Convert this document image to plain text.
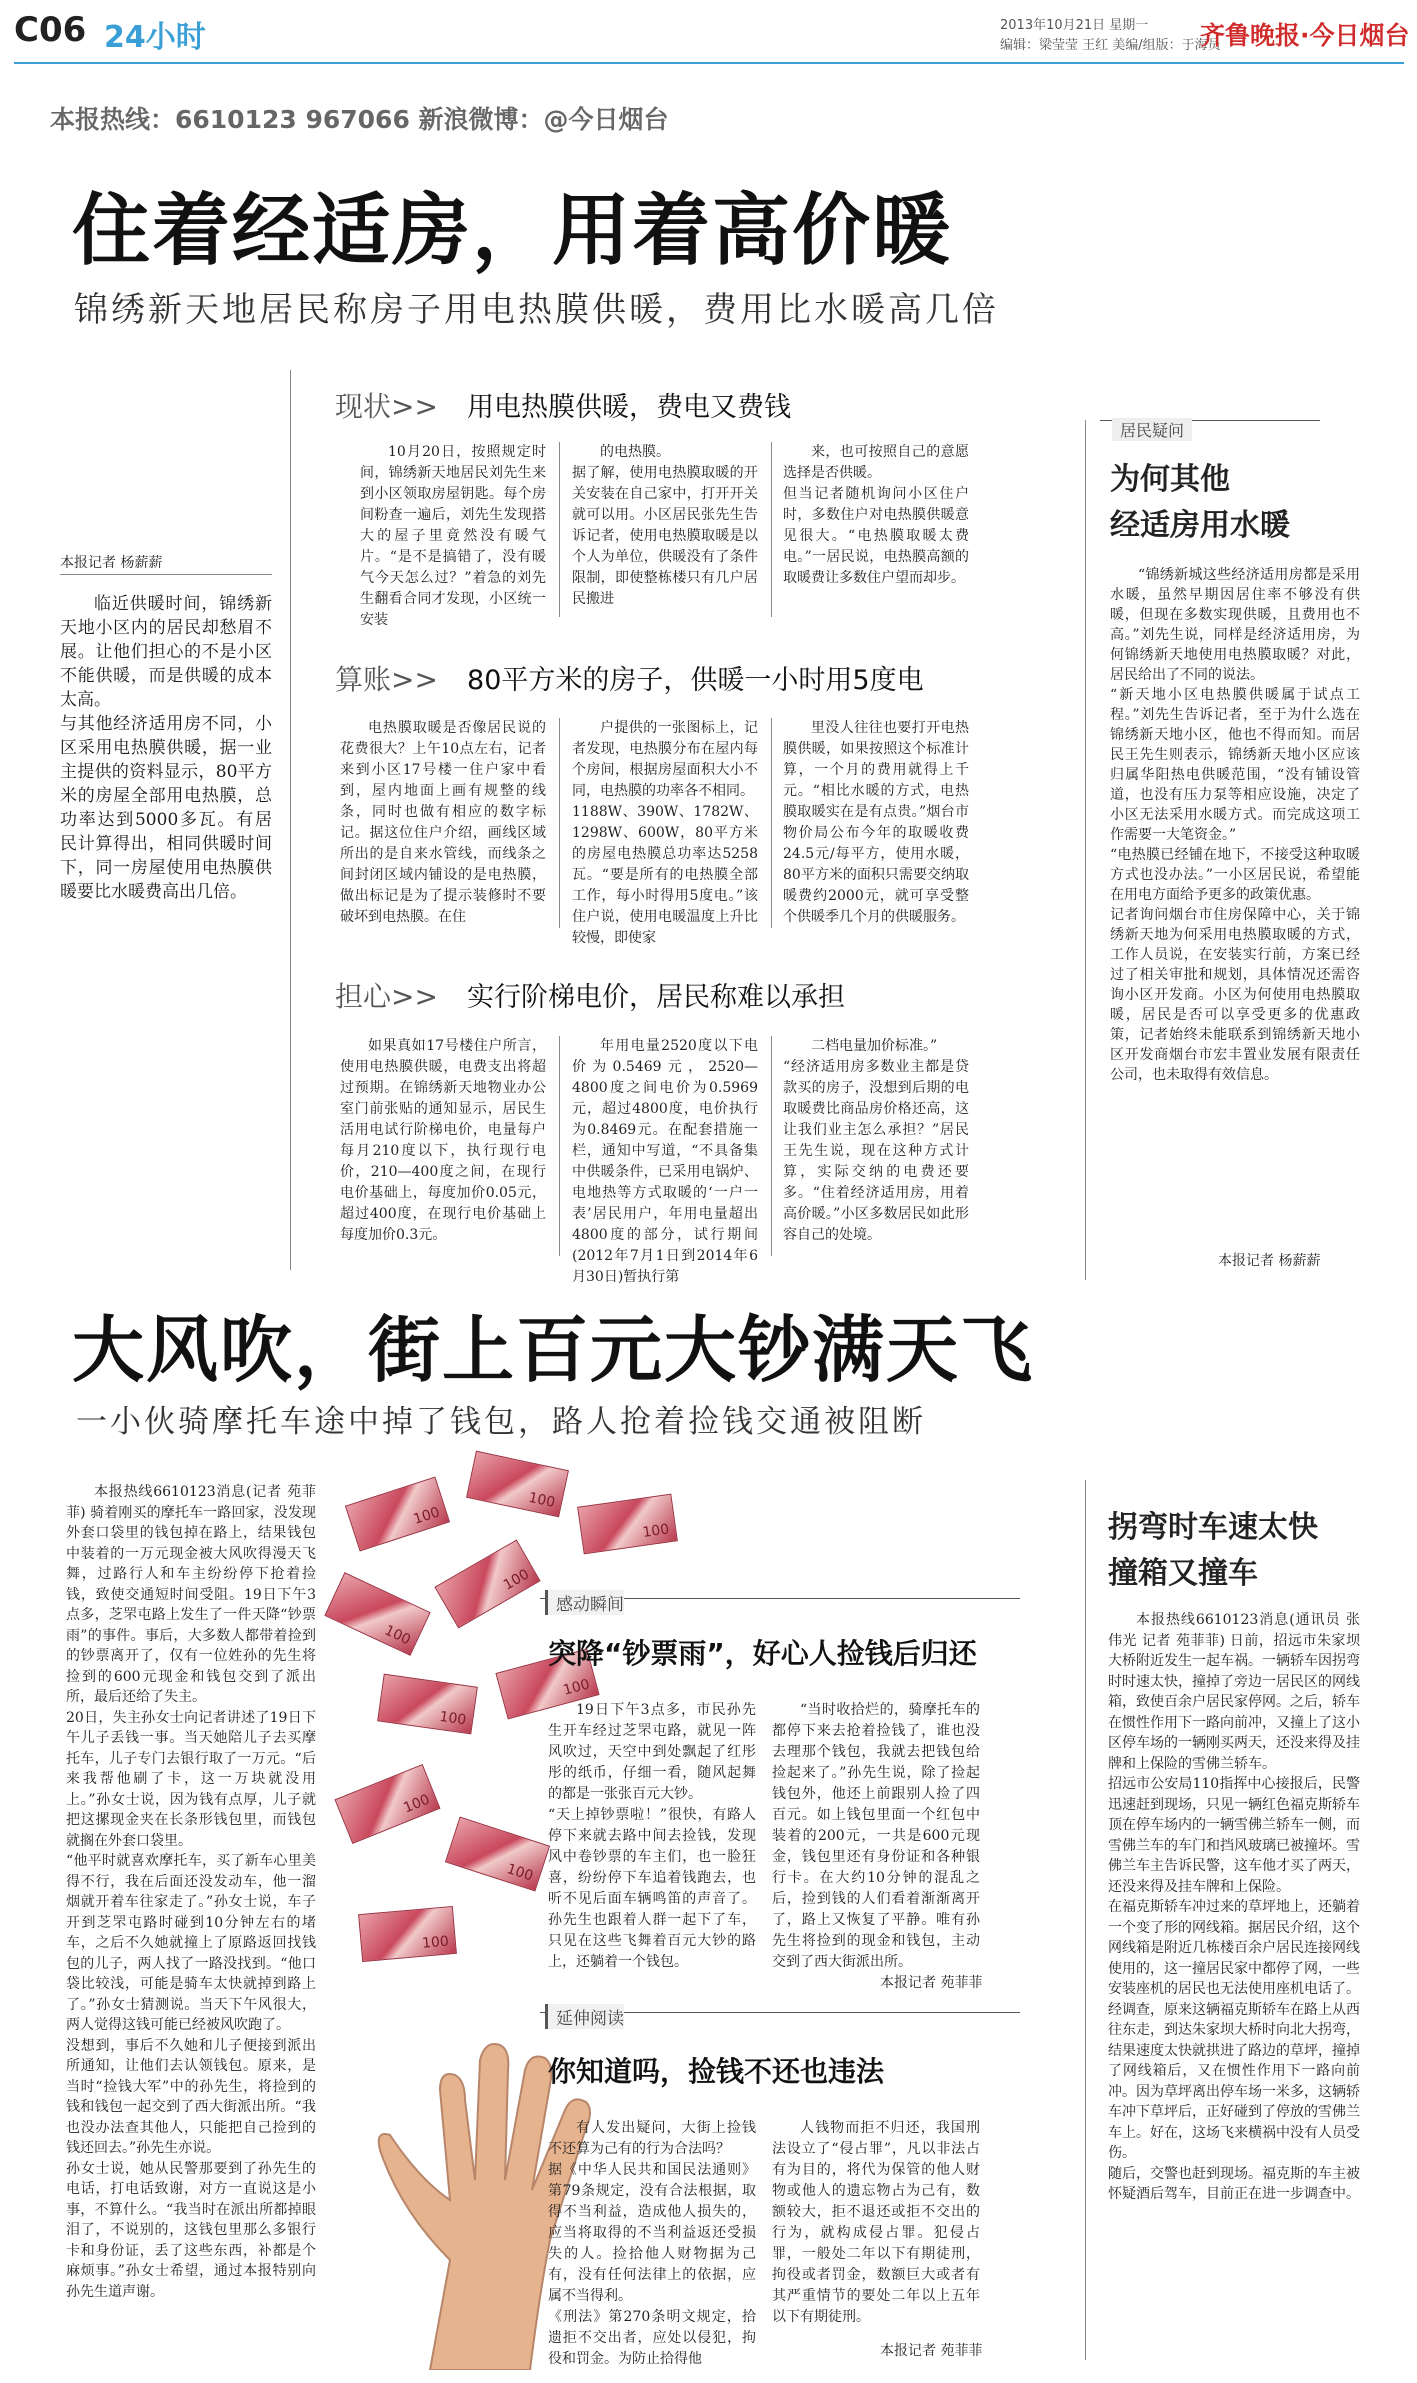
C06 24小时	2013年10月21日 星期一
编辑：梁莹莹 王红 美编/组版：于海员
齐鲁晚报·今日烟台
本报热线：6610123 967066 新浪微博：@今日烟台
住着经适房，用着高价暖
锦绣新天地居民称房子用电热膜供暖，费用比水暖高几倍
本报记者 杨薪薪
临近供暖时间，锦绣新天地小区内的居民却愁眉不展。让他们担心的不是小区不能供暖，而是供暖的成本太高。
与其他经济适用房不同，小区采用电热膜供暖，据一业主提供的资料显示，80平方米的房屋全部用电热膜，总功率达到5000多瓦。有居民计算得出，相同供暖时间下，同一房屋使用电热膜供暖要比水暖费高出几倍。
现状>> 用电热膜供暖，费电又费钱
10月20日，按照规定时间，锦绣新天地居民刘先生来到小区领取房屋钥匙。每个房间粉查一遍后，刘先生发现搭大的屋子里竟然没有暖气片。“是不是搞错了，没有暖气今天怎么过？”着急的刘先生翻看合同才发现，小区统一安装
的电热膜。
据了解，使用电热膜取暖的开关安装在自己家中，打开开关就可以用。小区居民张先生告诉记者，使用电热膜取暖是以个人为单位，供暖没有了条件限制，即使整栋楼只有几户居民搬进
来，也可按照自己的意愿选择是否供暖。
但当记者随机询问小区住户时，多数住户对电热膜供暖意见很大。“电热膜取暖太费电。”一居民说，电热膜高额的取暖费让多数住户望而却步。
算账>> 80平方米的房子，供暖一小时用5度电
电热膜取暖是否像居民说的花费很大？上午10点左右，记者来到小区17号楼一住户家中看到，屋内地面上画有规整的线条，同时也做有相应的数字标记。据这位住户介绍，画线区域所出的是自来水管线，而线条之间封闭区域内铺设的是电热膜，做出标记是为了提示装修时不要破坏到电热膜。在住
户提供的一张图标上，记者发现，电热膜分布在屋内每个房间，根据房屋面积大小不同，电热膜的功率各不相同。
1188W、390W、1782W、1298W、600W，80平方米的房屋电热膜总功率达5258瓦。“要是所有的电热膜全部工作，每小时得用5度电。”该住户说，使用电暖温度上升比较慢，即使家
里没人往往也要打开电热膜供暖，如果按照这个标准计算，一个月的费用就得上千元。“相比水暖的方式，电热膜取暖实在是有点贵。”烟台市物价局公布今年的取暖收费24.5元/每平方，使用水暖，80平方米的面积只需要交纳取暖费约2000元，就可享受整个供暖季几个月的供暖服务。
担心>> 实行阶梯电价，居民称难以承担
如果真如17号楼住户所言，使用电热膜供暖，电费支出将超过预期。在锦绣新天地物业办公室门前张贴的通知显示，居民生活用电试行阶梯电价，电量每户每月210度以下，执行现行电价，210—400度之间，在现行电价基础上，每度加价0.05元，超过400度，在现行电价基础上每度加价0.3元。
年用电量2520度以下电价为0.5469元，2520—4800度之间电价为0.5969元，超过4800度，电价执行为0.8469元。在配套措施一栏，通知中写道，“不具备集中供暖条件，已采用电锅炉、电地热等方式取暖的‘一户一表’居民用户，年用电量超出4800度的部分，试行期间(2012年7月1日到2014年6月30日)暂执行第
二档电量加价标准。”
“经济适用房多数业主都是贷款买的房子，没想到后期的电取暖费比商品房价格还高，这让我们业主怎么承担？”居民王先生说，现在这种方式计算，实际交纳的电费还要多。“住着经济适用房，用着高价暖。”小区多数居民如此形容自己的处境。
居民疑问
为何其他
经适房用水暖
“锦绣新城这些经济适用房都是采用水暖，虽然早期因居住率不够没有供暖，但现在多数实现供暖，且费用也不高。”刘先生说，同样是经济适用房，为何锦绣新天地使用电热膜取暖？对此，居民给出了不同的说法。
“新天地小区电热膜供暖属于试点工程。”刘先生告诉记者，至于为什么选在锦绣新天地小区，他也不得而知。而居民王先生则表示，锦绣新天地小区应该归属华阳热电供暖范围，“没有铺设管道，也没有压力泵等相应设施，决定了小区无法采用水暖方式。而完成这项工作需要一大笔资金。”
“电热膜已经铺在地下，不接受这种取暖方式也没办法。”一小区居民说，希望能在用电方面给予更多的政策优惠。
记者询问烟台市住房保障中心，关于锦绣新天地为何采用电热膜取暖的方式，工作人员说，在安装实行前，方案已经过了相关审批和规划，具体情况还需咨询小区开发商。小区为何使用电热膜取暖，居民是否可以享受更多的优惠政策，记者始终未能联系到锦绣新天地小区开发商烟台市宏丰置业发展有限责任公司，也未取得有效信息。
本报记者 杨薪薪
大风吹，街上百元大钞满天飞
一小伙骑摩托车途中掉了钱包，路人抢着捡钱交通被阻断
本报热线6610123消息(记者 苑菲菲) 骑着刚买的摩托车一路回家，没发现外套口袋里的钱包掉在路上，结果钱包中装着的一万元现金被大风吹得漫天飞舞，过路行人和车主纷纷停下抢着捡钱，致使交通短时间受阻。19日下午3点多，芝罘屯路上发生了一件天降“钞票雨”的事件。事后，大多数人都带着捡到的钞票离开了，仅有一位姓孙的先生将捡到的600元现金和钱包交到了派出所，最后还给了失主。
20日，失主孙女士向记者讲述了19日下午儿子丢钱一事。当天她陪儿子去买摩托车，儿子专门去银行取了一万元。“后来我帮他刷了卡，这一万块就没用上。”孙女士说，因为钱有点厚，儿子就把这摞现金夹在长条形钱包里，而钱包就搁在外套口袋里。
“他平时就喜欢摩托车，买了新车心里美得不行，我在后面还没发动车，他一溜烟就开着车往家走了。”孙女士说，车子开到芝罘屯路时碰到10分钟左右的堵车，之后不久她就撞上了原路返回找钱包的儿子，两人找了一路没找到。“他口袋比较浅，可能是骑车太快就掉到路上了。”孙女士猜测说。当天下午风很大，两人觉得这钱可能已经被风吹跑了。
没想到，事后不久她和儿子便接到派出所通知，让他们去认领钱包。原来，是当时“捡钱大军”中的孙先生，将捡到的钱和钱包一起交到了西大街派出所。“我也没办法查其他人，只能把自己捡到的钱还回去。”孙先生亦说。
孙女士说，她从民警那要到了孙先生的电话，打电话致谢，对方一直说这是小事，不算什么。“我当时在派出所都掉眼泪了，不说别的，这钱包里那么多银行卡和身份证，丢了这些东西，补都是个麻烦事。”孙女士希望，通过本报特别向孙先生道声谢。
100
100
100
100
100
100
100
100
100
100
感动瞬间
突降“钞票雨”，好心人捡钱后归还
19日下午3点多，市民孙先生开车经过芝罘屯路，就见一阵风吹过，天空中到处飘起了红彤彤的纸币，仔细一看，随风起舞的都是一张张百元大钞。
“天上掉钞票啦！”很快，有路人停下来就去路中间去捡钱，发现风中卷钞票的车主们，也一脸狂喜，纷纷停下车追着钱跑去，也听不见后面车辆鸣笛的声音了。孙先生也跟着人群一起下了车，只见在这些飞舞着百元大钞的路上，还躺着一个钱包。
“当时收拾烂的，骑摩托车的都停下来去抢着捡钱了，谁也没去理那个钱包，我就去把钱包给捡起来了。”孙先生说，除了捡起钱包外，他还上前跟别人捡了四百元。如上钱包里面一个红包中装着的200元，一共是600元现金，钱包里还有身份证和各种银行卡。在大约10分钟的混乱之后，捡到钱的人们看着渐渐离开了，路上又恢复了平静。唯有孙先生将捡到的现金和钱包，主动交到了西大街派出所。
本报记者 苑菲菲
延伸阅读
你知道吗，捡钱不还也违法
有人发出疑问，大街上捡钱不还算为己有的行为合法吗？
据《中华人民共和国民法通则》第79条规定，没有合法根据，取得不当利益，造成他人损失的，应当将取得的不当利益返还受损失的人。捡拾他人财物据为己有，没有任何法律上的依据，应属不当得利。
《刑法》第270条明文规定，拾遗拒不交出者，应处以侵犯，拘役和罚金。为防止拾得他
人钱物而拒不归还，我国刑法设立了“侵占罪”，凡以非法占有为目的，将代为保管的他人财物或他人的遗忘物占为己有，数额较大，拒不退还或拒不交出的行为，就构成侵占罪。犯侵占罪，一般处二年以下有期徒刑，拘役或者罚金，数额巨大或者有其严重情节的要处二年以上五年以下有期徒刑。
本报记者 苑菲菲
拐弯时车速太快
撞箱又撞车
本报热线6610123消息(通讯员 张伟光 记者 苑菲菲) 日前，招远市朱家坝大桥附近发生一起车祸。一辆轿车因拐弯时时速太快，撞掉了旁边一居民区的网线箱，致使百余户居民家停网。之后，轿车在惯性作用下一路向前冲，又撞上了这小区停车场的一辆刚买两天，还没来得及挂牌和上保险的雪佛兰轿车。
招远市公安局110指挥中心接报后，民警迅速赶到现场，只见一辆红色福克斯轿车顶在停车场内的一辆雪佛兰轿车一侧，而雪佛兰车的车门和挡风玻璃已被撞坏。雪佛兰车主告诉民警，这车他才买了两天，还没来得及挂车牌和上保险。
在福克斯轿车冲过来的草坪地上，还躺着一个变了形的网线箱。据居民介绍，这个网线箱是附近几栋楼百余户居民连接网线使用的，这一撞居民家中都停了网，一些安装座机的居民也无法使用座机电话了。
经调查，原来这辆福克斯轿车在路上从西往东走，到达朱家坝大桥时向北大拐弯，结果速度太快就拱进了路边的草坪，撞掉了网线箱后，又在惯性作用下一路向前冲。因为草坪离出停车场一米多，这辆轿车冲下草坪后，正好碰到了停放的雪佛兰车上。好在，这场飞来横祸中没有人员受伤。
随后，交警也赶到现场。福克斯的车主被怀疑酒后驾车，目前正在进一步调查中。
